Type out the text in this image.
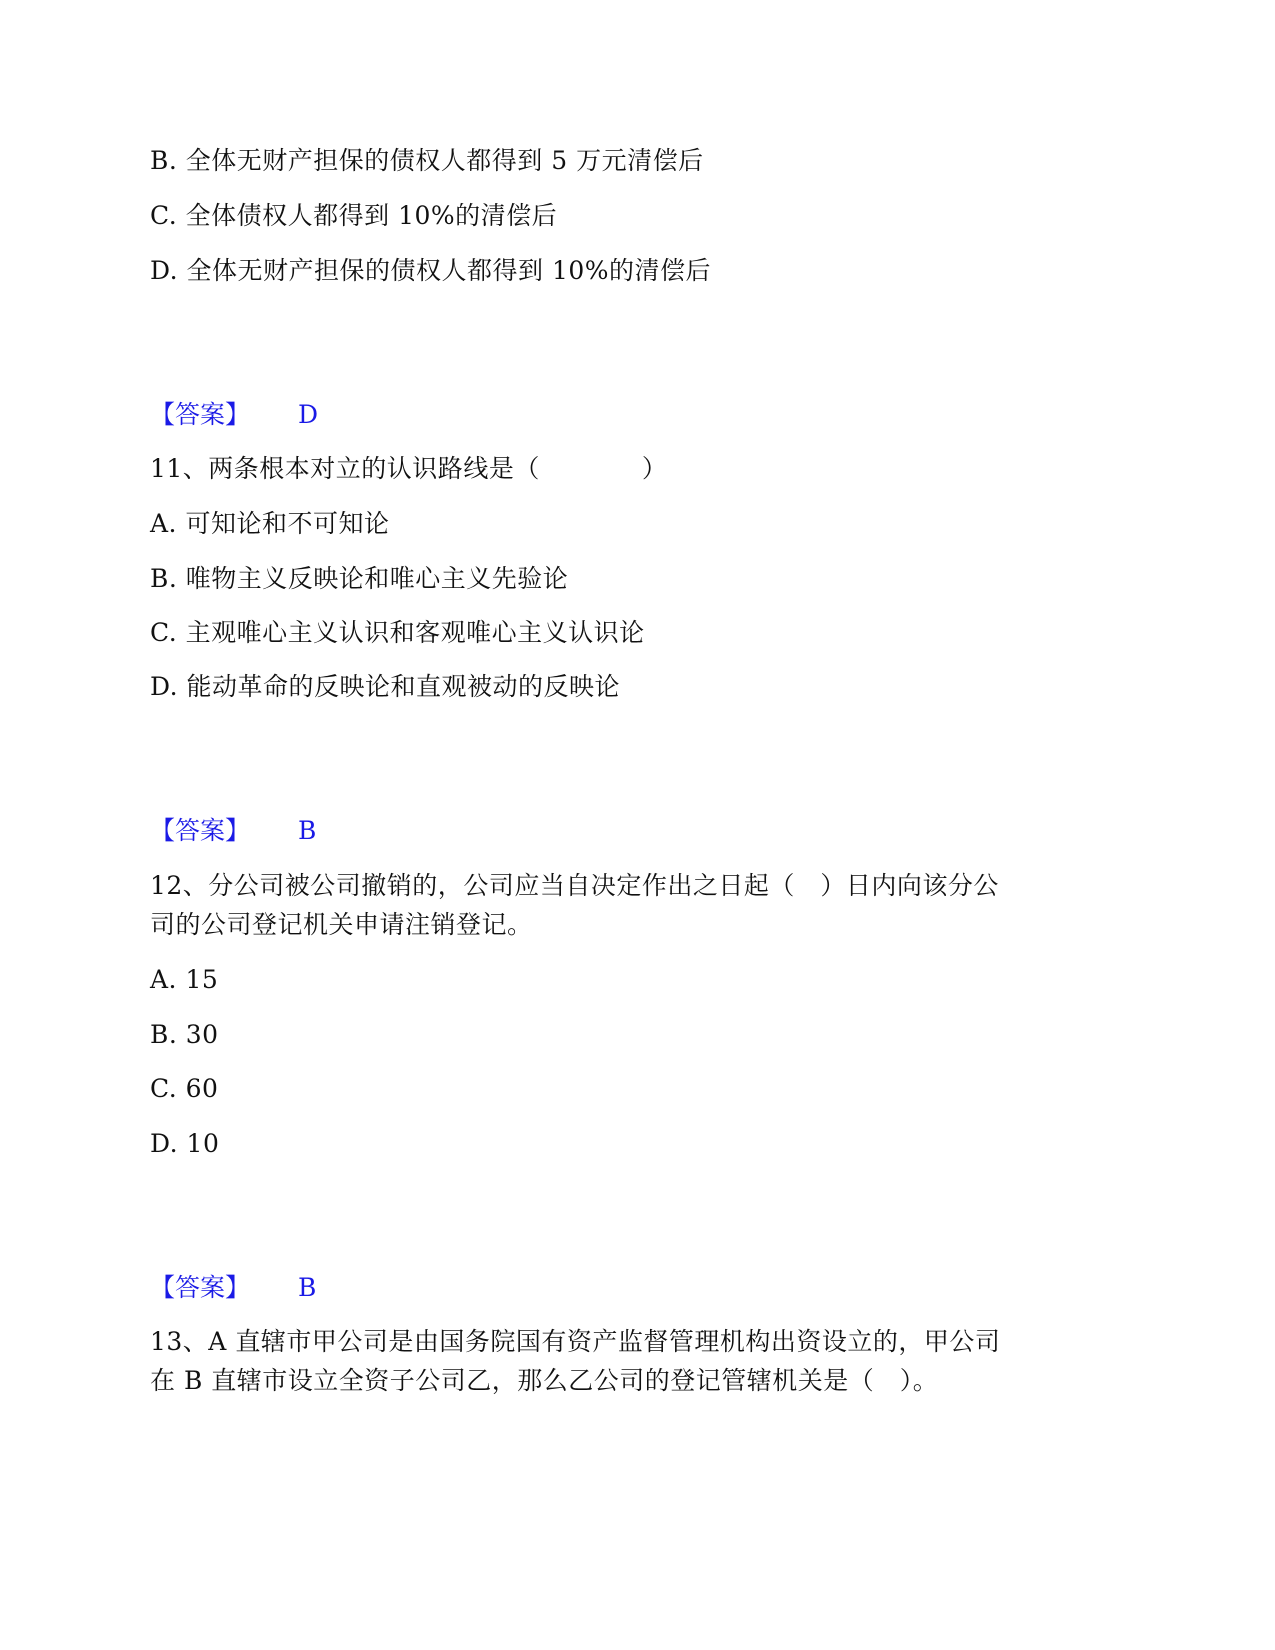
B. 全体无财产担保的债权人都得到 5 万元清偿后
C. 全体债权人都得到 10%的清偿后
D. 全体无财产担保的债权人都得到 10%的清偿后
【答案】 D
11、两条根本对立的认识路线是（　　　　）
A. 可知论和不可知论
B. 唯物主义反映论和唯心主义先验论
C. 主观唯心主义认识和客观唯心主义认识论
D. 能动革命的反映论和直观被动的反映论
【答案】 B
12、分公司被公司撤销的，公司应当自决定作出之日起（　）日内向该分公
司的公司登记机关申请注销登记。
A. 15
B. 30
C. 60
D. 10
【答案】 B
13、A 直辖市甲公司是由国务院国有资产监督管理机构出资设立的，甲公司
在 B 直辖市设立全资子公司乙，那么乙公司的登记管辖机关是（　）。
